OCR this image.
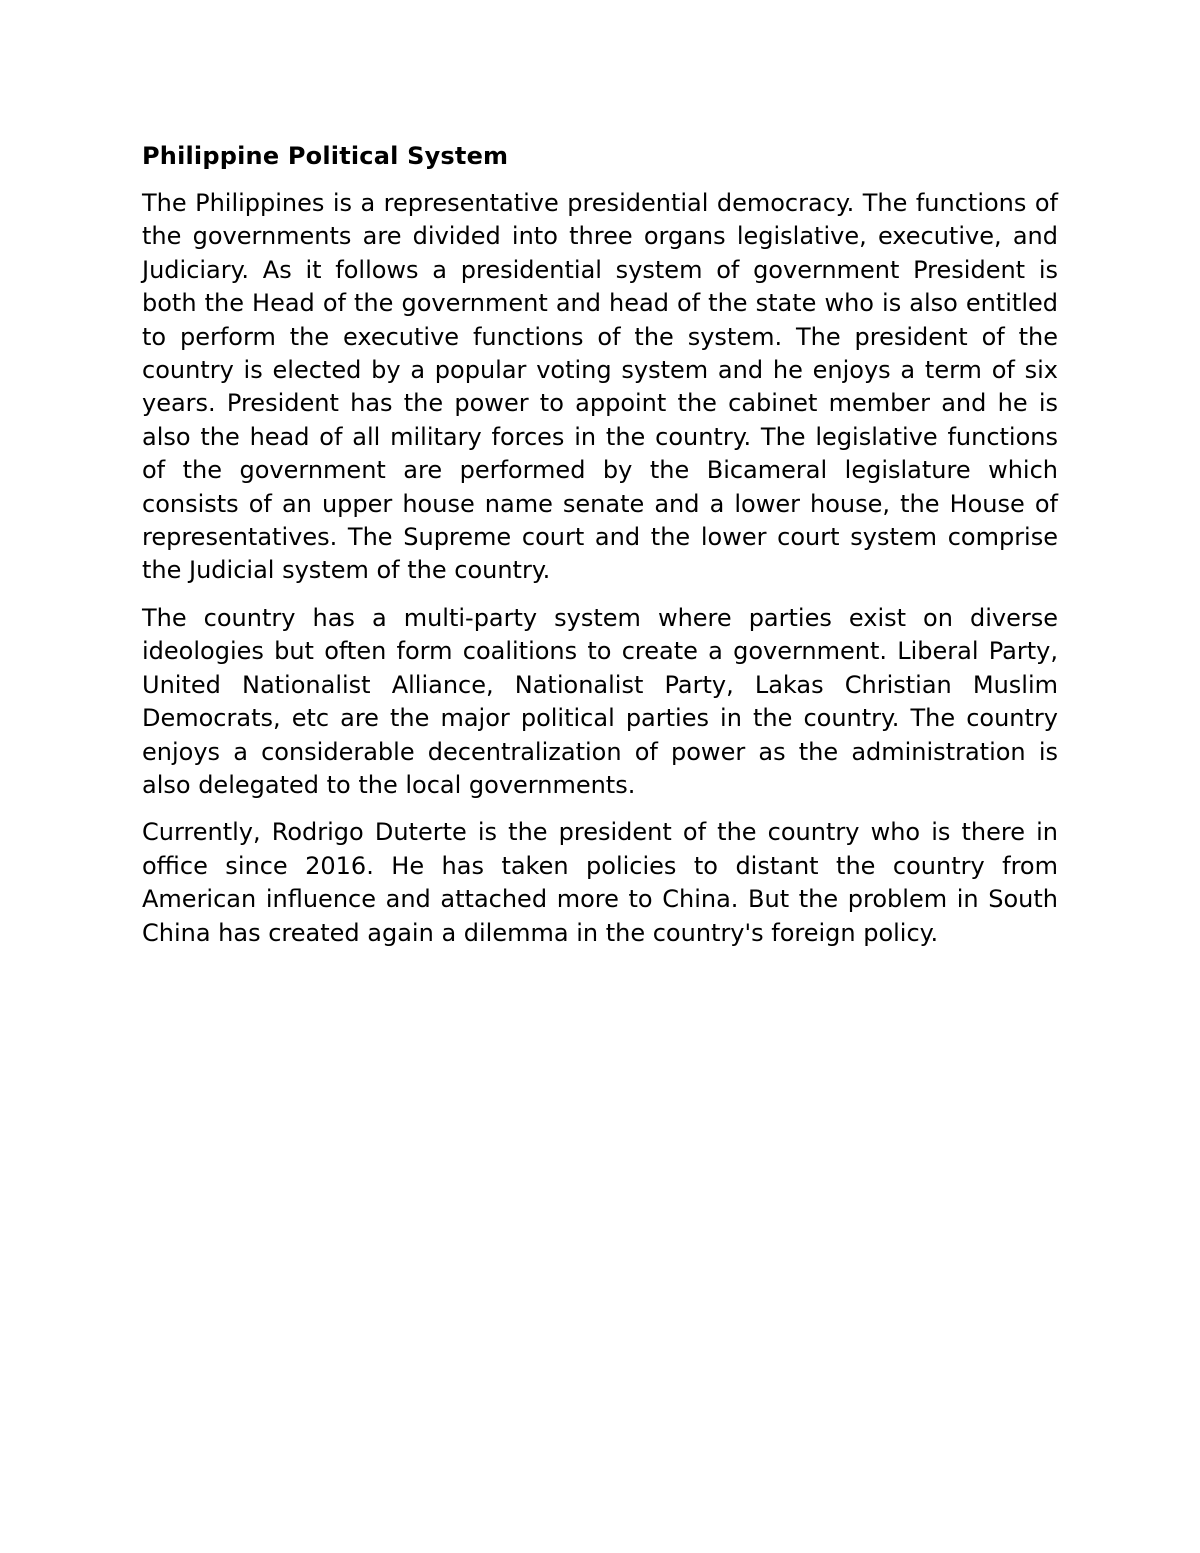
Philippine Political System

The Philippines is a representative presidential democracy. The functions of the governments are divided into three organs legislative, executive, and Judiciary. As it follows a presidential system of government President is both the Head of the government and head of the state who is also entitled to perform the executive functions of the system. The president of the country is elected by a popular voting system and he enjoys a term of six years. President has the power to appoint the cabinet member and he is also the head of all military forces in the country. The legislative functions of the government are performed by the Bicameral legislature which consists of an upper house name senate and a lower house, the House of representatives. The Supreme court and the lower court system comprise the Judicial system of the country.

The country has a multi-party system where parties exist on diverse ideologies but often form coalitions to create a government. Liberal Party, United Nationalist Alliance, Nationalist Party, Lakas Christian Muslim Democrats, etc are the major political parties in the country. The country enjoys a considerable decentralization of power as the administration is also delegated to the local governments.

Currently, Rodrigo Duterte is the president of the country who is there in office since 2016. He has taken policies to distant the country from American influence and attached more to China. But the problem in South China has created again a dilemma in the country's foreign policy.
